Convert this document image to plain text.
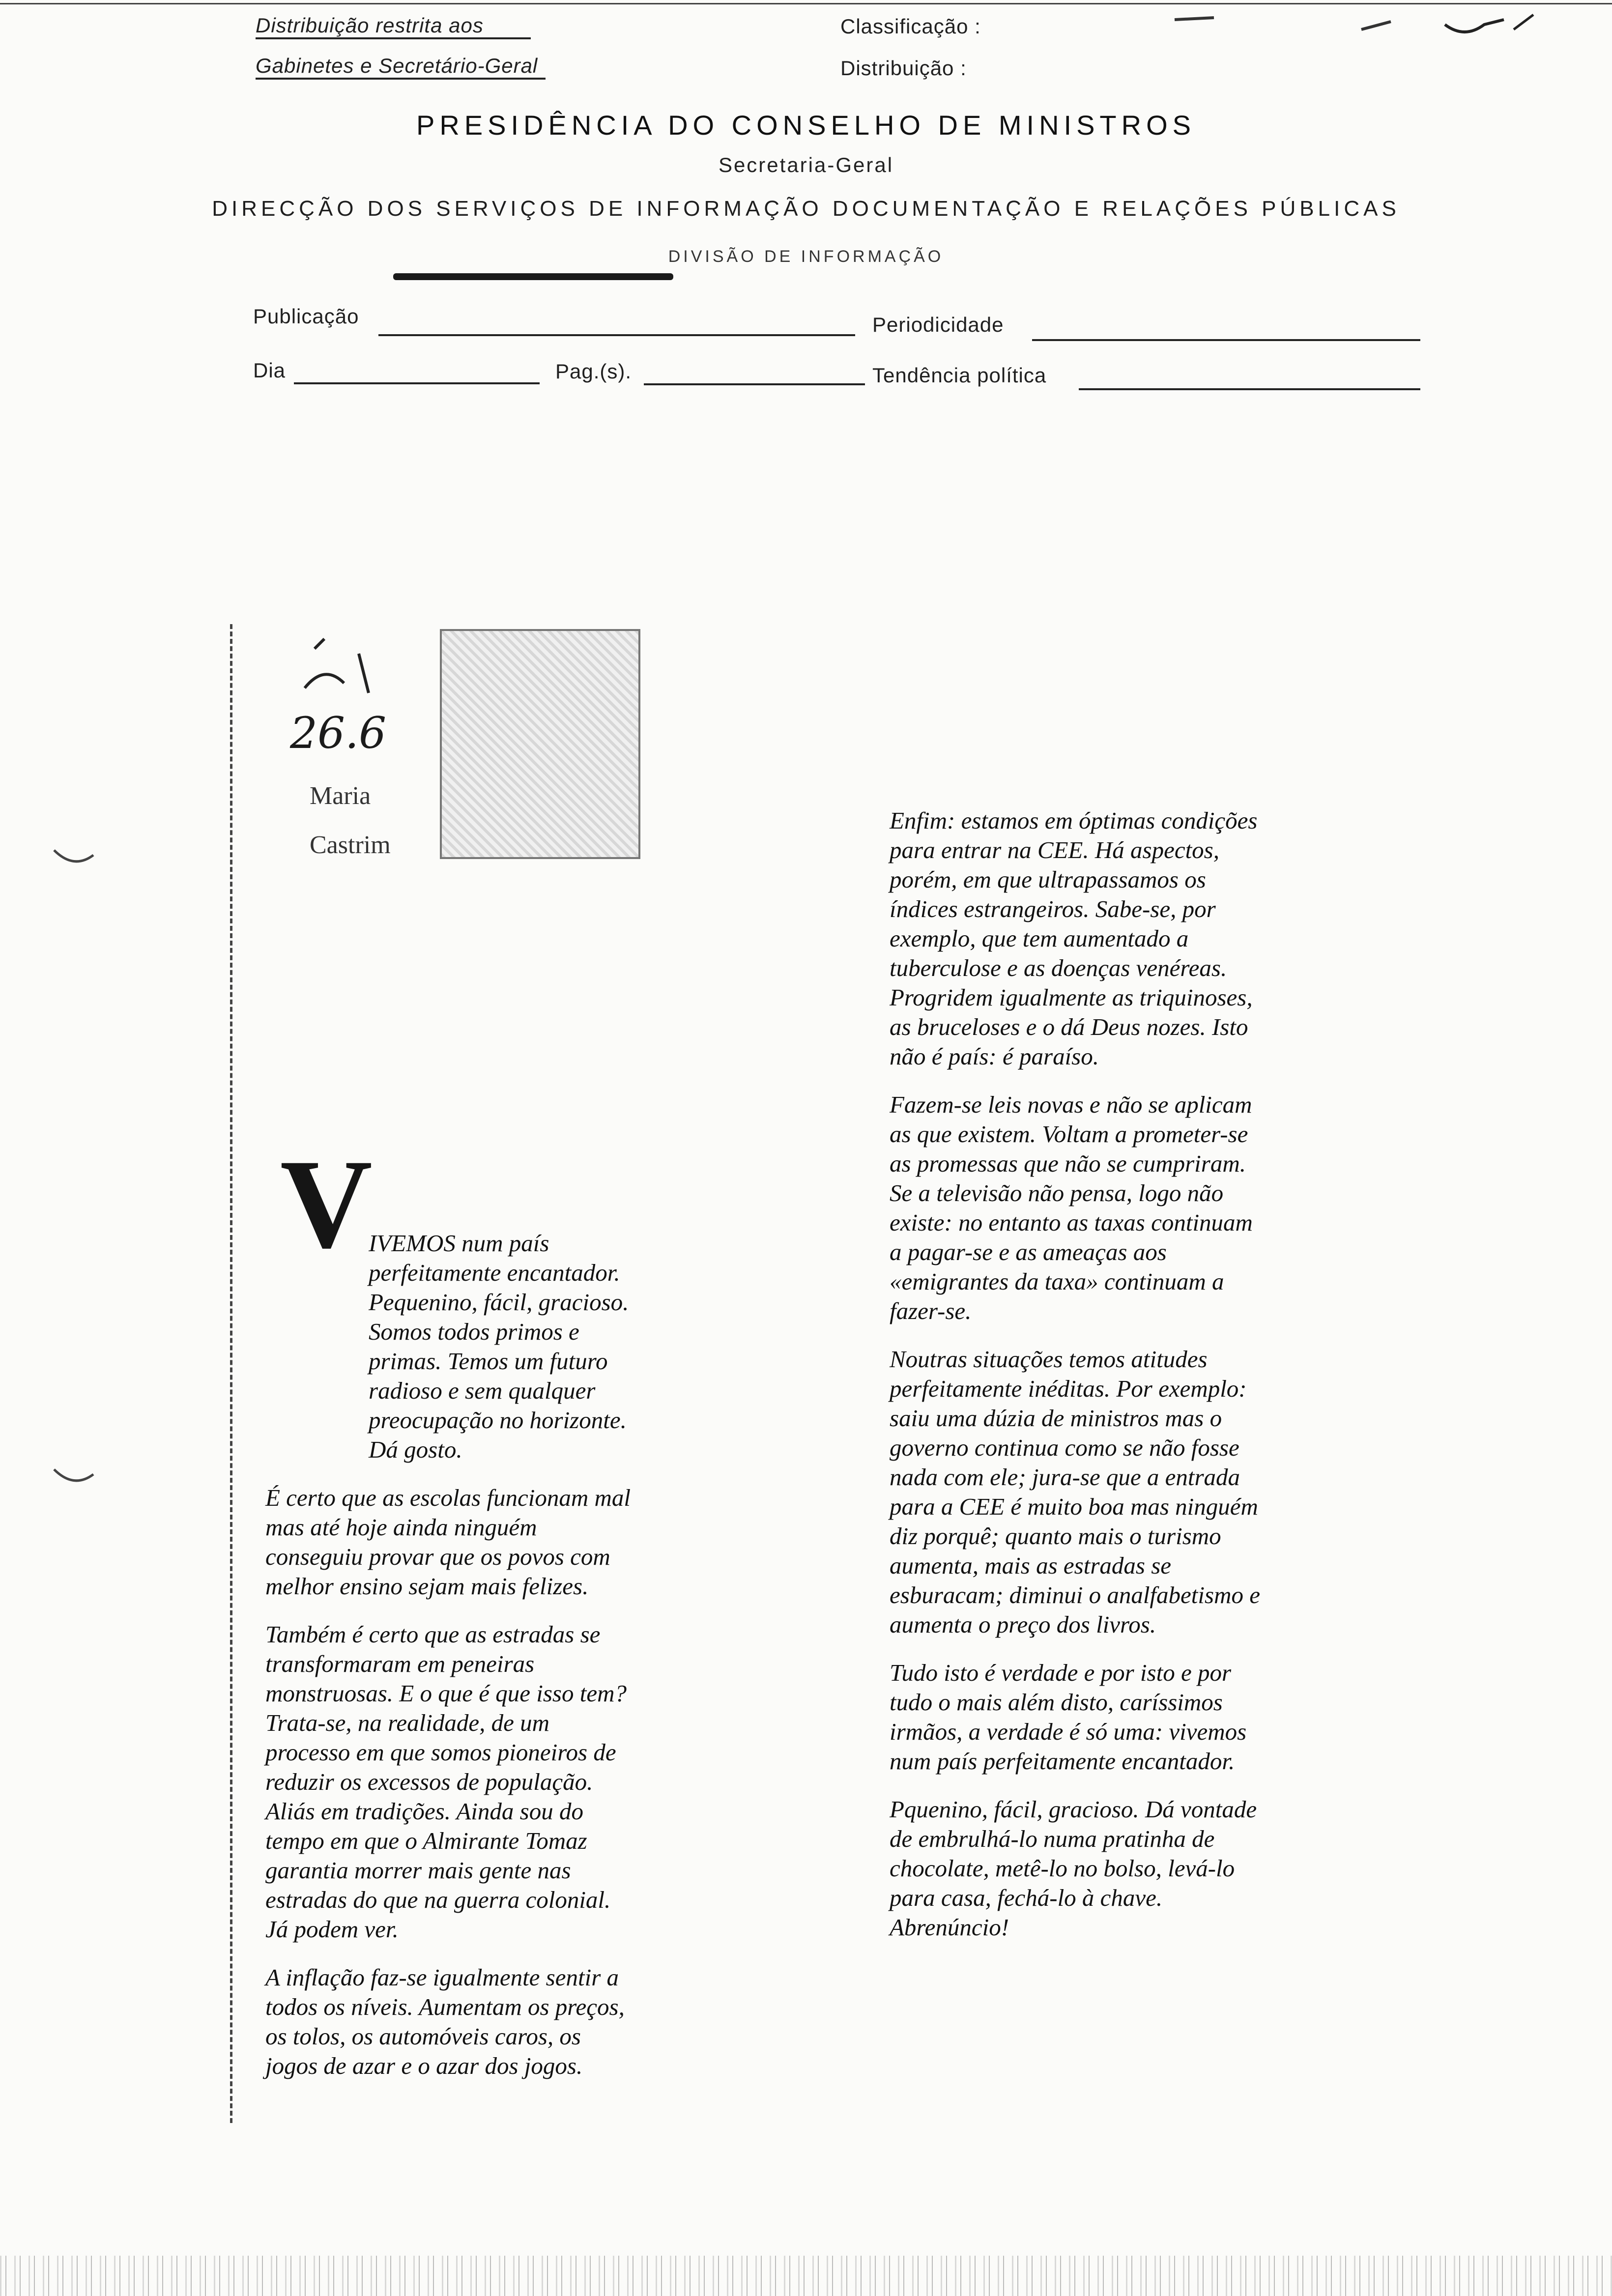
Distribuição restrita aos
Gabinetes e Secretário-Geral
Classificação :
Distribuição :
PRESIDÊNCIA DO CONSELHO DE MINISTROS
Secretaria-Geral
DIRECÇÃO DOS SERVIÇOS DE INFORMAÇÃO DOCUMENTAÇÃO E RELAÇÕES PÚBLICAS
DIVISÃO DE INFORMAÇÃO
Publicação	Periodicidade
Dia	Pag.(s).	Tendência política
26.6
Maria
Castrim
V

IVEMOS num país perfeitamente encantador. Pequenino, fácil, gracioso. Somos todos primos e primas. Temos um futuro radioso e sem qualquer preocupação no horizonte. Dá gosto.

É certo que as escolas funcionam mal mas até hoje ainda ninguém conseguiu provar que os povos com melhor ensino sejam mais felizes.

Também é certo que as estradas se transformaram em peneiras monstruosas. E o que é que isso tem? Trata-se, na realidade, de um processo em que somos pioneiros de reduzir os excessos de população. Aliás em tradições. Ainda sou do tempo em que o Almirante Tomaz garantia morrer mais gente nas estradas do que na guerra colonial. Já podem ver.

A inflação faz-se igualmente sentir a todos os níveis. Aumentam os preços, os tolos, os automóveis caros, os jogos de azar e o azar dos jogos.

Enfim: estamos em óptimas condições para entrar na CEE. Há aspectos, porém, em que ultrapassamos os índices estrangeiros. Sabe-se, por exemplo, que tem aumentado a tuberculose e as doenças venéreas. Progridem igualmente as triquinoses, as bruceloses e o dá Deus nozes. Isto não é país: é paraíso.

Fazem-se leis novas e não se aplicam as que existem. Voltam a prometer-se as promessas que não se cumpriram. Se a televisão não pensa, logo não existe: no entanto as taxas continuam a pagar-se e as ameaças aos «emigrantes da taxa» continuam a fazer-se.

Noutras situações temos atitudes perfeitamente inéditas. Por exemplo: saiu uma dúzia de ministros mas o governo continua como se não fosse nada com ele; jura-se que a entrada para a CEE é muito boa mas ninguém diz porquê; quanto mais o turismo aumenta, mais as estradas se esburacam; diminui o analfabetismo e aumenta o preço dos livros.

Tudo isto é verdade e por isto e por tudo o mais além disto, caríssimos irmãos, a verdade é só uma: vivemos num país perfeitamente encantador.

Pquenino, fácil, gracioso. Dá vontade de embrulhá-lo numa pratinha de chocolate, metê-lo no bolso, levá-lo para casa, fechá-lo à chave. Abrenúncio!
